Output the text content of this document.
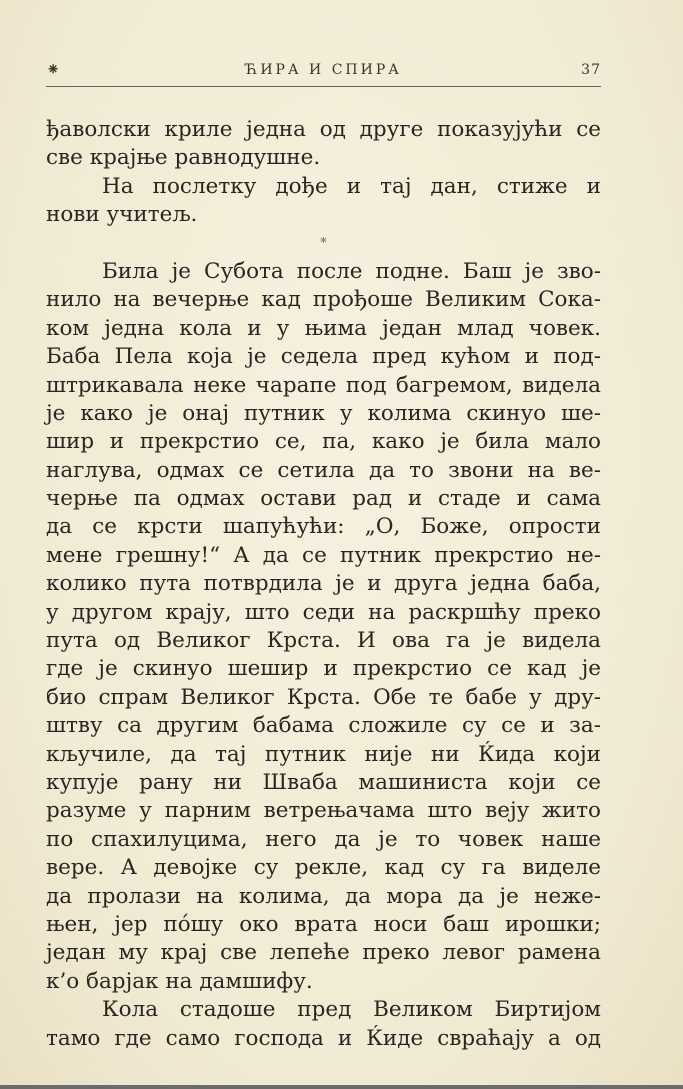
⁕	ЋИРА И СПИРА	37
ђаволски криле једна од друге показујући се
све крајње равнодушне.
На послетку дође и тај дан, стиже и
нови учитељ.
*
Била је Субота после подне. Баш је зво-
нило на вечерње кад прођоше Великим Сока-
ком једна кола и у њима један млад човек.
Баба Пела која је седела пред кућом и под-
штрикавала неке чарапе под багремом, видела
је како је онај путник у колима скинуо ше-
шир и прекрстио се, па, како је била мало
наглува, одмах се сетила да то звони на ве-
черње па одмах остави рад и стаде и сама
да се крсти шапућући: „О, Боже, опрости
мене грешну!“ А да се путник прекрстио не-
колико пута потврдила је и друга једна баба,
у другом крају, што седи на раскршћу преко
пута од Великог Крста. И ова га је видела
где је скинуо шешир и прекрстио се кад је
био спрам Великог Крста. Обе те бабе у дру-
штву са другим бабама сложиле су се и за-
кључиле, да тај путник није ни Ќида који
купује рану ни Шваба машиниста који се
разуме у парним ветрењачама што веју жито
по спахилуцима, него да је то човек наше
вере. А девојке су рекле, кад су га виделе
да пролази на колима, да мора да је неже-
њен, јер пóшу око врата носи баш ирошки;
један му крај све лепеће преко левог рамена
к’о барјак на дамшифу.
Кола стадоше пред Великом Биртијом
тамо где само господа и Ќиде свраћају а од
